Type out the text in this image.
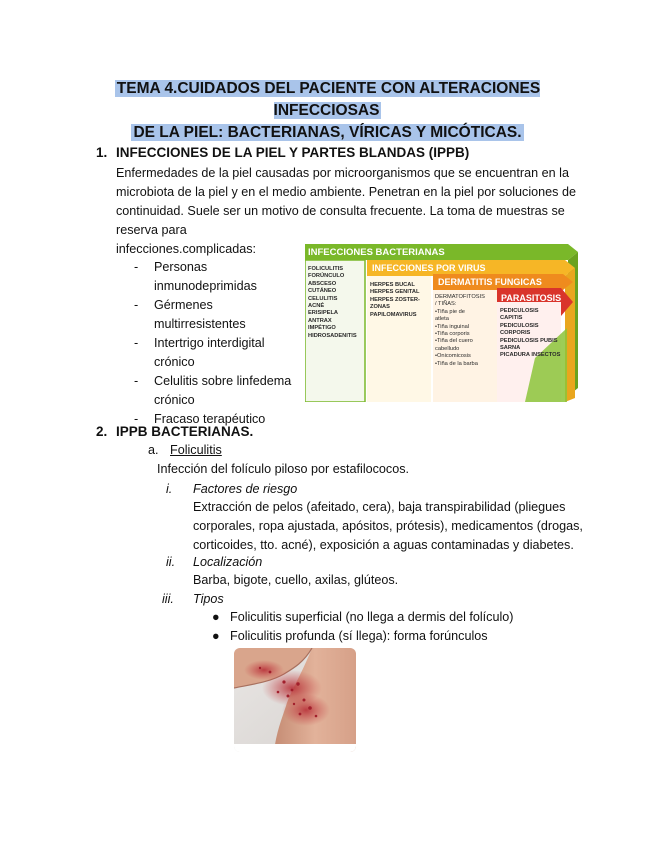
TEMA 4.CUIDADOS DEL PACIENTE CON ALTERACIONES INFECCIOSAS
DE LA PIEL: BACTERIANAS, VÍRICAS Y MICÓTICAS.
1. INFECCIONES DE LA PIEL Y PARTES BLANDAS (IPPB)
Enfermedades de la piel causadas por microorganismos que se encuentran en la
microbiota de la piel y en el medio ambiente. Penetran en la piel por soluciones de
continuidad. Suele ser un motivo de consulta frecuente. La toma de muestras se
reserva para
infecciones.complicadas:
- Personas
inmunodeprimidas
- Gérmenes
multirresistentes
- Intertrigo interdigital
crónico
- Celulitis sobre linfedema
crónico
- Fracaso terapéutico
INFECCIONES BACTERIANAS
INFECCIONES POR VIRUS
DERMATITIS FUNGICAS
PARASITOSIS
FOLICULITIS
FORÚNCULO
ABSCESO
CUTÁNEO
CELULITIS
ACNÉ
ERISIPELA
ANTRAX
IMPÉTIGO
HIDROSADENITIS
HERPES BUCAL
HERPES GENITAL
HERPES ZOSTER-
ZONAS
PAPILOMAVIRUS
DERMATOFITOSIS
/ TIÑAS:
•Tiña pie de
atleta
•Tiña inguinal
•Tiña corporis
•Tiña del cuero
cabelludo
•Onicomicosis
•Tiña de la barba
PEDICULOSIS
CAPITIS
PEDICULOSIS
CORPORIS
PEDICULOSIS PUBIS
SARNA
PICADURA INSECTOS
2. IPPB BACTERIANAS.
a. Foliculitis
Infección del folículo piloso por estafilococos.
i. Factores de riesgo
Extracción de pelos (afeitado, cera), baja transpirabilidad (pliegues
corporales, ropa ajustada, apósitos, prótesis), medicamentos (drogas,
corticoides, tto. acné), exposición a aguas contaminadas y diabetes.
ii. Localización
Barba, bigote, cuello, axilas, glúteos.
iii. Tipos
● Foliculitis superficial (no llega a dermis del folículo)
● Foliculitis profunda (sí llega): forma forúnculos
